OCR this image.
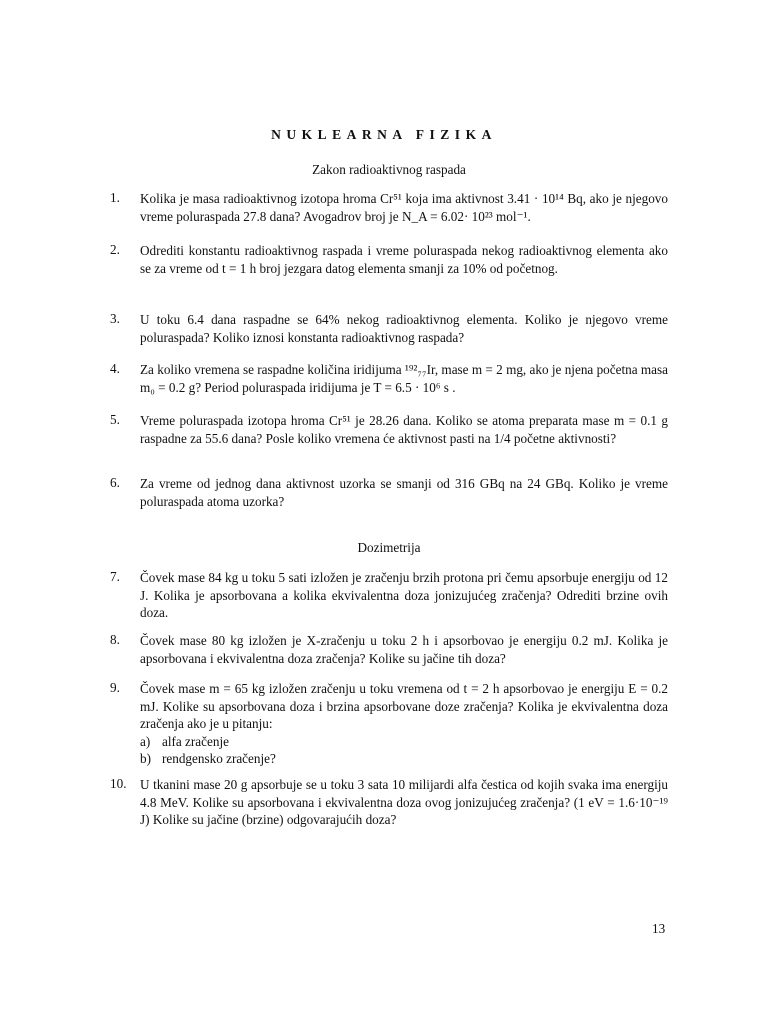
NUKLEARNA FIZIKA
Zakon radioaktivnog raspada
1.	Kolika je masa radioaktivnog izotopa hroma Cr⁵¹ koja ima aktivnost 3.41 · 10¹⁴ Bq, ako je njegovo vreme poluraspada 27.8 dana? Avogadrov broj je N_A = 6.02· 10²³ mol⁻¹.
2.	Odrediti konstantu radioaktivnog raspada i vreme poluraspada nekog radioaktivnog elementa ako se za vreme od t = 1 h broj jezgara datog elementa smanji za 10% od početnog.
3.	U toku 6.4 dana raspadne se 64% nekog radioaktivnog elementa. Koliko je njegovo vreme poluraspada? Koliko iznosi konstanta radioaktivnog raspada?
4.	Za koliko vremena se raspadne količina iridijuma ¹⁹²₇₇Ir, mase m = 2 mg, ako je njena početna masa m₀ = 0.2 g? Period poluraspada iridijuma je T = 6.5 · 10⁶ s .
5.	Vreme poluraspada izotopa hroma Cr⁵¹ je 28.26 dana. Koliko se atoma preparata mase m = 0.1 g raspadne za 55.6 dana? Posle koliko vremena će aktivnost pasti na 1/4 početne aktivnosti?
6.	Za vreme od jednog dana aktivnost uzorka se smanji od 316 GBq na 24 GBq. Koliko je vreme poluraspada atoma uzorka?
Dozimetrija
7.	Čovek mase 84 kg u toku 5 sati izložen je zračenju brzih protona pri čemu apsorbuje energiju od 12 J. Kolika je apsorbovana a kolika ekvivalentna doza jonizujućeg zračenja? Odrediti brzine ovih doza.
8.	Čovek mase 80 kg izložen je X-zračenju u toku 2 h i apsorbovao je energiju 0.2 mJ. Kolika je apsorbovana i ekvivalentna doza zračenja? Kolike su jačine tih doza?
9.	Čovek mase m = 65 kg izložen zračenju u toku vremena od t = 2 h apsorbovao je energiju E = 0.2 mJ. Kolike su apsorbovana doza i brzina apsorbovane doze zračenja? Kolika je ekvivalentna doza zračenja ako je u pitanju:
a) alfa zračenje
b) rendgensko zračenje?
10.	U tkanini mase 20 g apsorbuje se u toku 3 sata 10 milijardi alfa čestica od kojih svaka ima energiju 4.8 MeV. Kolike su apsorbovana i ekvivalentna doza ovog jonizujućeg zračenja? (1 eV = 1.6·10⁻¹⁹ J) Kolike su jačine (brzine) odgovarajućih doza?
13
